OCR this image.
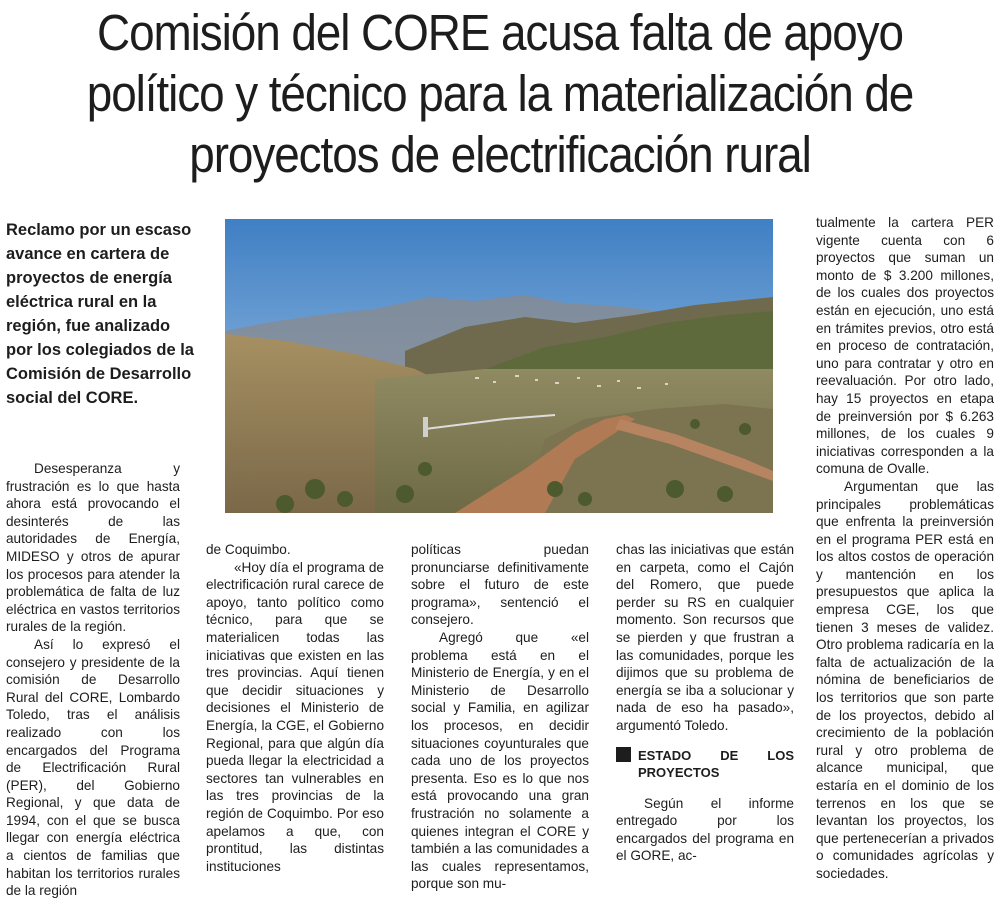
Comisión del CORE acusa falta de apoyo político y técnico para la materialización de proyectos de electrificación rural

Reclamo por un escaso avance en cartera de proyectos de energía eléctrica rural en la región, fue analizado por los colegiados de la Comisión de Desarrollo social del CORE.

Desesperanza y frustración es lo que hasta ahora está provocando el desinterés de las autoridades de Energía, MIDESO y otros de apurar los procesos para atender la problemática de falta de luz eléctrica en vastos territorios rurales de la región.

Así lo expresó el consejero y presidente de la comisión de Desarrollo Rural del CORE, Lombardo Toledo, tras el análisis realizado con los encargados del Programa de Electrificación Rural (PER), del Gobierno Regional, y que data de 1994, con el que se busca llegar con energía eléctrica a cientos de familias que habitan los territorios rurales de la región

de Coquimbo.

«Hoy día el programa de electrificación rural carece de apoyo, tanto político como técnico, para que se materialicen todas las iniciativas que existen en las tres provincias. Aquí tienen que decidir situaciones y decisiones el Ministerio de Energía, la CGE, el Gobierno Regional, para que algún día pueda llegar la electricidad a sectores tan vulnerables en las tres provincias de la región de Coquimbo. Por eso apelamos a que, con prontitud, las distintas instituciones

políticas puedan pronunciarse definitivamente sobre el futuro de este programa», sentenció el consejero.

Agregó que «el problema está en el Ministerio de Energía, y en el Ministerio de Desarrollo social y Familia, en agilizar los procesos, en decidir situaciones coyunturales que cada uno de los proyectos presenta. Eso es lo que nos está provocando una gran frustración no solamente a quienes integran el CORE y también a las comunidades a las cuales representamos, porque son mu-

chas las iniciativas que están en carpeta, como el Cajón del Romero, que puede perder su RS en cualquier momento. Son recursos que se pierden y que frustran a las comunidades, porque les dijimos que su problema de energía se iba a solucionar y nada de eso ha pasado», argumentó Toledo.

ESTADO DE LOS PROYECTOS

Según el informe entregado por los encargados del programa en el GORE, ac-

tualmente la cartera PER vigente cuenta con 6 proyectos que suman un monto de $ 3.200 millones, de los cuales dos proyectos están en ejecución, uno está en trámites previos, otro está en proceso de contratación, uno para contratar y otro en reevaluación. Por otro lado, hay 15 proyectos en etapa de preinversión por $ 6.263 millones, de los cuales 9 iniciativas corresponden a la comuna de Ovalle.

Argumentan que las principales problemáticas que enfrenta la preinversión en el programa PER está en los altos costos de operación y mantención en los presupuestos que aplica la empresa CGE, los que tienen 3 meses de validez. Otro problema radicaría en la falta de actualización de la nómina de beneficiarios de los territorios que son parte de los proyectos, debido al crecimiento de la población rural y otro problema de alcance municipal, que estaría en el dominio de los terrenos en los que se levantan los proyectos, los que pertenecerían a privados o comunidades agrícolas y sociedades.
